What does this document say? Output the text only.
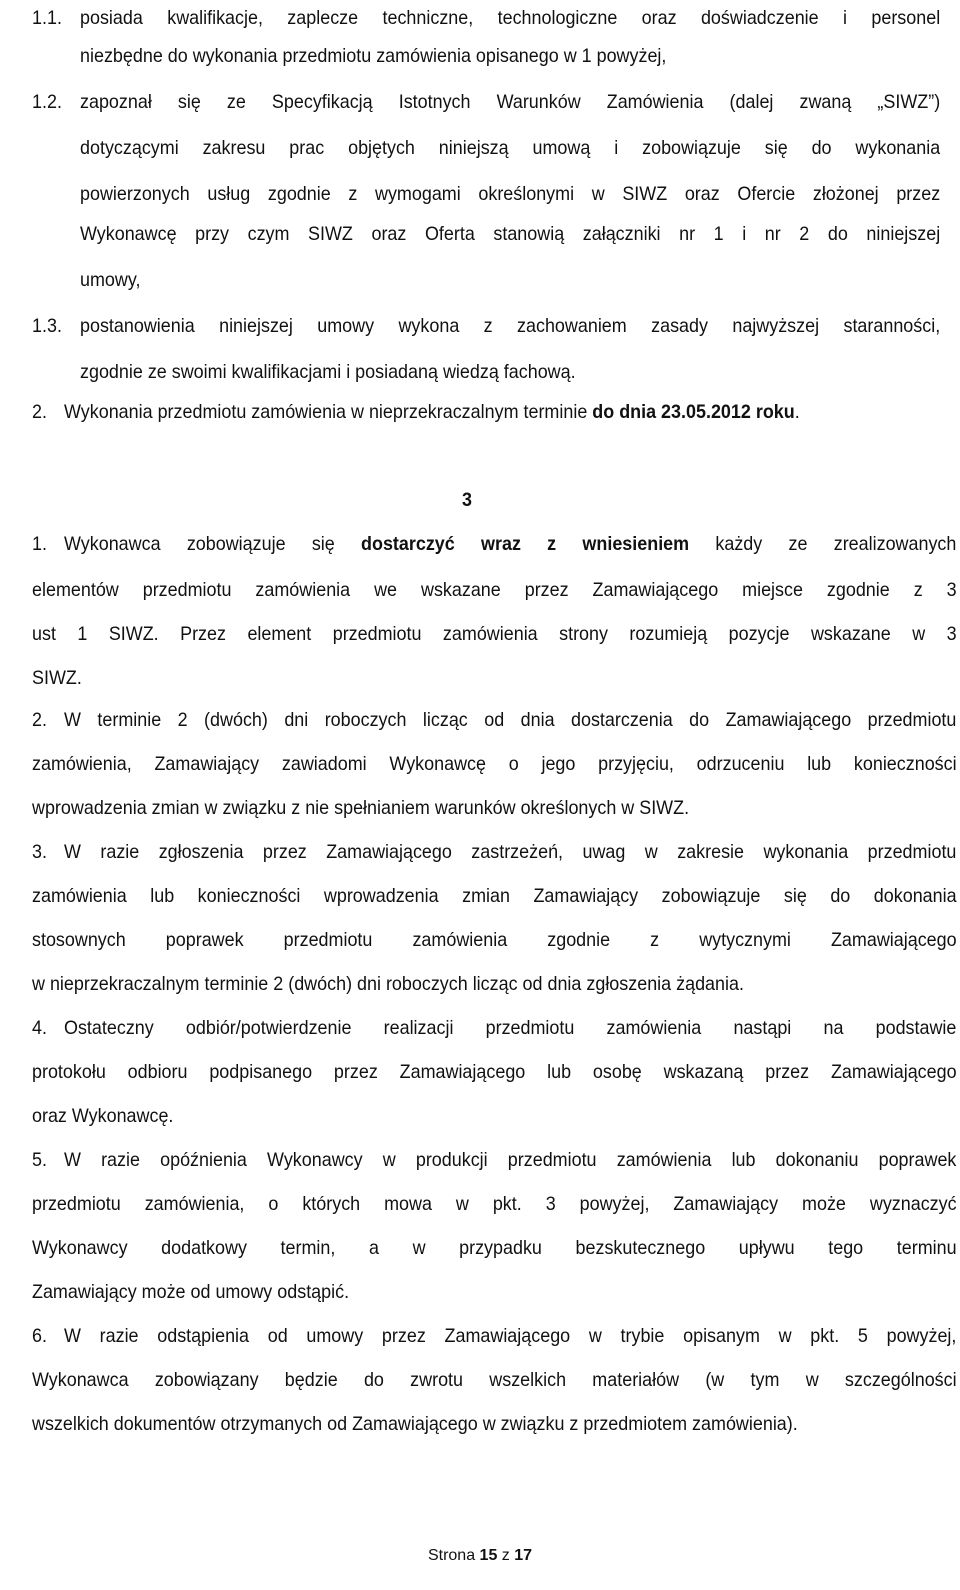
1.1. posiada kwalifikacje, zaplecze techniczne, technologiczne oraz doświadczenie i personel
niezbędne do wykonania przedmiotu zamówienia opisanego w 1 powyżej,
1.2. zapoznał się ze Specyfikacją Istotnych Warunków Zamówienia (dalej zwaną „SIWZ”)
dotyczącymi zakresu prac objętych niniejszą umową i zobowiązuje się do wykonania
powierzonych usług zgodnie z wymogami określonymi w SIWZ oraz Ofercie złożonej przez
Wykonawcę przy czym SIWZ oraz Oferta stanowią załączniki nr 1 i nr 2 do niniejszej
umowy,
1.3. postanowienia niniejszej umowy wykona z zachowaniem zasady najwyższej staranności,
zgodnie ze swoimi kwalifikacjami i posiadaną wiedzą fachową.
2. Wykonania przedmiotu zamówienia w nieprzekraczalnym terminie do dnia 23.05.2012 roku.
3
1. Wykonawca zobowiązuje się dostarczyć wraz z wniesieniem każdy ze zrealizowanych
elementów przedmiotu zamówienia we wskazane przez Zamawiającego miejsce zgodnie z 3
ust 1 SIWZ. Przez element przedmiotu zamówienia strony rozumieją pozycje wskazane w 3
SIWZ.
2. W terminie 2 (dwóch) dni roboczych licząc od dnia dostarczenia do Zamawiającego przedmiotu
zamówienia, Zamawiający zawiadomi Wykonawcę o jego przyjęciu, odrzuceniu lub konieczności
wprowadzenia zmian w związku z nie spełnianiem warunków określonych w SIWZ.
3. W razie zgłoszenia przez Zamawiającego zastrzeżeń, uwag w zakresie wykonania przedmiotu
zamówienia lub konieczności wprowadzenia zmian Zamawiający zobowiązuje się do dokonania
stosownych poprawek przedmiotu zamówienia zgodnie z wytycznymi Zamawiającego
w nieprzekraczalnym terminie 2 (dwóch) dni roboczych licząc od dnia zgłoszenia żądania.
4. Ostateczny odbiór/potwierdzenie realizacji przedmiotu zamówienia nastąpi na podstawie
protokołu odbioru podpisanego przez Zamawiającego lub osobę wskazaną przez Zamawiającego
oraz Wykonawcę.
5. W razie opóźnienia Wykonawcy w produkcji przedmiotu zamówienia lub dokonaniu poprawek
przedmiotu zamówienia, o których mowa w pkt. 3 powyżej, Zamawiający może wyznaczyć
Wykonawcy dodatkowy termin, a w przypadku bezskutecznego upływu tego terminu
Zamawiający może od umowy odstąpić.
6. W razie odstąpienia od umowy przez Zamawiającego w trybie opisanym w pkt. 5 powyżej,
Wykonawca zobowiązany będzie do zwrotu wszelkich materiałów (w tym w szczególności
wszelkich dokumentów otrzymanych od Zamawiającego w związku z przedmiotem zamówienia).
Strona 15 z 17
